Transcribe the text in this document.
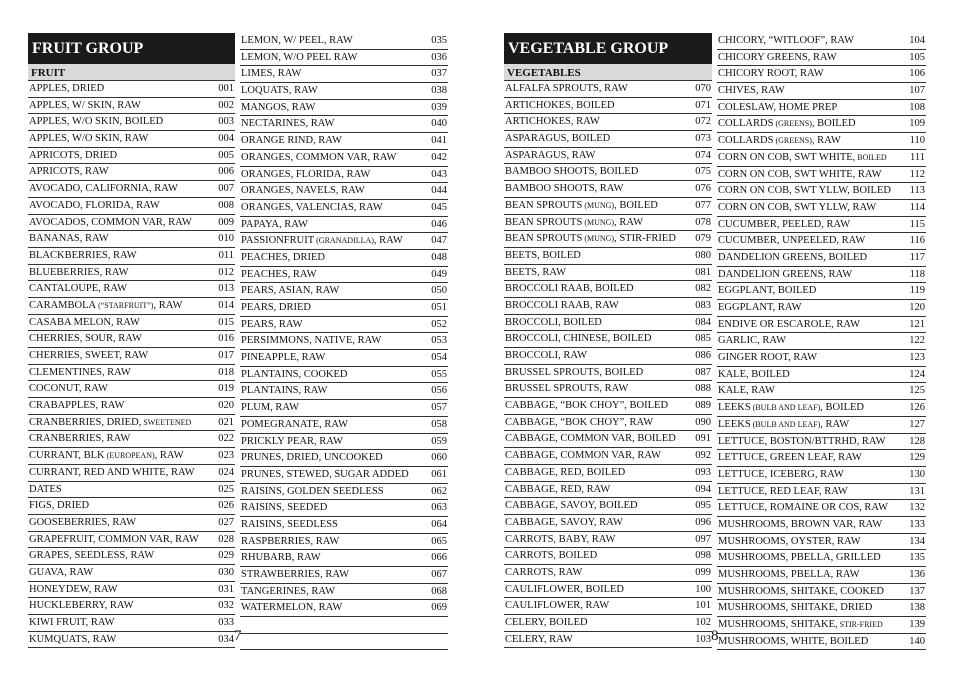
FRUIT GROUP
FRUIT
APPLES, DRIED	001
APPLES, W/ SKIN, RAW	002
APPLES, W/O SKIN, BOILED	003
APPLES, W/O SKIN, RAW	004
APRICOTS, DRIED	005
APRICOTS, RAW	006
AVOCADO, CALIFORNIA, RAW	007
AVOCADO, FLORIDA, RAW	008
AVOCADOS, COMMON VAR, RAW	009
BANANAS, RAW	010
BLACKBERRIES, RAW	011
BLUEBERRIES, RAW	012
CANTALOUPE, RAW	013
CARAMBOLA (“STARFRUIT”), RAW	014
CASABA MELON, RAW	015
CHERRIES, SOUR, RAW	016
CHERRIES, SWEET, RAW	017
CLEMENTINES, RAW	018
COCONUT, RAW	019
CRABAPPLES, RAW	020
CRANBERRIES, DRIED, SWEETENED	021
CRANBERRIES, RAW	022
CURRANT, BLK (EUROPEAN), RAW	023
CURRANT, RED AND WHITE, RAW 024
DATES	025
FIGS, DRIED	026
GOOSEBERRIES, RAW	027
GRAPEFRUIT, COMMON VAR, RAW 028
GRAPES, SEEDLESS, RAW	029
GUAVA, RAW	030
HONEYDEW, RAW	031
HUCKLEBERRY, RAW	032
KIWI FRUIT, RAW	033
KUMQUATS, RAW	034
LEMON, W/ PEEL, RAW	035
LEMON, W/O PEEL RAW	036
LIMES, RAW	037
LOQUATS, RAW	038
MANGOS, RAW	039
NECTARINES, RAW	040
ORANGE RIND, RAW	041
ORANGES, COMMON VAR, RAW	042
ORANGES, FLORIDA, RAW	043
ORANGES, NAVELS, RAW	044
ORANGES, VALENCIAS, RAW	045
PAPAYA, RAW	046
PASSIONFRUIT (GRANADILLA), RAW	047
PEACHES, DRIED	048
PEACHES, RAW	049
PEARS, ASIAN, RAW	050
PEARS, DRIED	051
PEARS, RAW	052
PERSIMMONS, NATIVE, RAW	053
PINEAPPLE, RAW	054
PLANTAINS, COOKED	055
PLANTAINS, RAW	056
PLUM, RAW	057
POMEGRANATE, RAW	058
PRICKLY PEAR, RAW	059
PRUNES, DRIED, UNCOOKED	060
PRUNES, STEWED, SUGAR ADDED 061
RAISINS, GOLDEN SEEDLESS	062
RAISINS, SEEDED	063
RAISINS, SEEDLESS	064
RASPBERRIES, RAW	065
RHUBARB, RAW	066
STRAWBERRIES, RAW	067
TANGERINES, RAW	068
WATERMELON, RAW	069
7
VEGETABLE GROUP
VEGETABLES
ALFALFA SPROUTS, RAW	070
ARTICHOKES, BOILED	071
ARTICHOKES, RAW	072
ASPARAGUS, BOILED	073
ASPARAGUS, RAW	074
BAMBOO SHOOTS, BOILED	075
BAMBOO SHOOTS, RAW	076
BEAN SPROUTS (MUNG), BOILED	077
BEAN SPROUTS (MUNG), RAW	078
BEAN SPROUTS (MUNG), STIR-FRIED 079
BEETS, BOILED	080
BEETS, RAW	081
BROCCOLI RAAB, BOILED	082
BROCCOLI RAAB, RAW	083
BROCCOLI, BOILED	084
BROCCOLI, CHINESE, BOILED	085
BROCCOLI, RAW	086
BRUSSEL SPROUTS, BOILED	087
BRUSSEL SPROUTS, RAW	088
CABBAGE, “BOK CHOY”, BOILED	089
CABBAGE, “BOK CHOY”, RAW	090
CABBAGE, COMMON VAR, BOILED 091
CABBAGE, COMMON VAR, RAW	092
CABBAGE, RED, BOILED	093
CABBAGE, RED, RAW	094
CABBAGE, SAVOY, BOILED	095
CABBAGE, SAVOY, RAW	096
CARROTS, BABY, RAW	097
CARROTS, BOILED	098
CARROTS, RAW	099
CAULIFLOWER, BOILED	100
CAULIFLOWER, RAW	101
CELERY, BOILED	102
CELERY, RAW	103
CHICORY, “WITLOOF”, RAW	104
CHICORY GREENS, RAW	105
CHICORY ROOT, RAW	106
CHIVES, RAW	107
COLESLAW, HOME PREP	108
COLLARDS (GREENS), BOILED	109
COLLARDS (GREENS), RAW	110
CORN ON COB, SWT WHITE, BOILED 111
CORN ON COB, SWT WHITE, RAW	112
CORN ON COB, SWT YLLW, BOILED 113
CORN ON COB, SWT YLLW, RAW	114
CUCUMBER, PEELED, RAW	115
CUCUMBER, UNPEELED, RAW	116
DANDELION GREENS, BOILED	117
DANDELION GREENS, RAW	118
EGGPLANT, BOILED	119
EGGPLANT, RAW	120
ENDIVE OR ESCAROLE, RAW	121
GARLIC, RAW	122
GINGER ROOT, RAW	123
KALE, BOILED	124
KALE, RAW	125
LEEKS (BULB AND LEAF), BOILED	126
LEEKS (BULB AND LEAF), RAW	127
LETTUCE, BOSTON/BTTRHD, RAW 128
LETTUCE, GREEN LEAF, RAW	129
LETTUCE, ICEBERG, RAW	130
LETTUCE, RED LEAF, RAW	131
LETTUCE, ROMAINE OR COS, RAW 132
MUSHROOMS, BROWN VAR, RAW	133
MUSHROOMS, OYSTER, RAW	134
MUSHROOMS, PBELLA, GRILLED	135
MUSHROOMS, PBELLA, RAW	136
MUSHROOMS, SHITAKE, COOKED 137
MUSHROOMS, SHITAKE, DRIED	138
MUSHROOMS, SHITAKE, STIR-FRIED	139
MUSHROOMS, WHITE, BOILED	140
8
